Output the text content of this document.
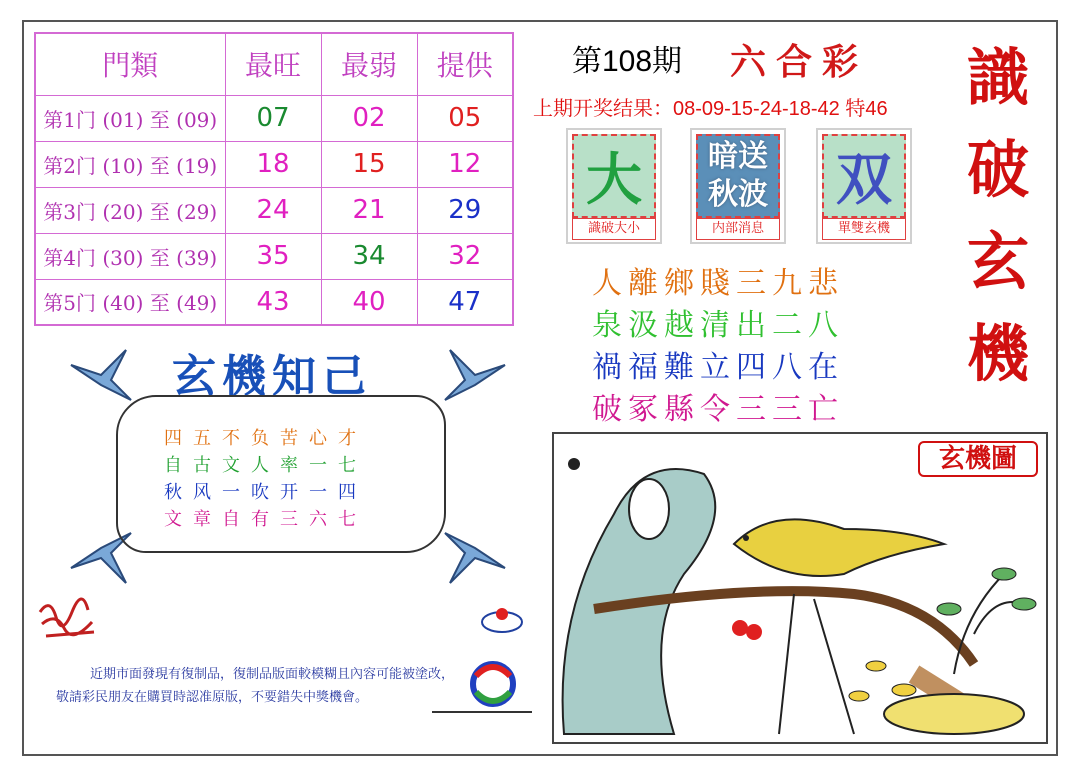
門類	最旺	最弱	提供
第1门 (01) 至 (09)	07	02	05
第2门 (10) 至 (19)	18	15	12
第3门 (20) 至 (29)	24	21	29
第4门 (30) 至 (39)	35	34	32
第5门 (40) 至 (49)	43	40	47
第108期 六合彩
上期开奖结果：08-09-15-24-18-42 特46 識
破
玄
機
大
識破大小
暗送
秋波
内部消息
双
單雙玄機
人離鄉賤三九悲
泉汲越清出二八
禍福難立四八在
破冢縣令三三亡
玄機知己
四五不负苦心才
自古文人率一七
秋风一吹开一四
文章自有三六七

近期市面發現有復制品，復制品版面較模糊且內容可能被塗改，敬請彩民朋友在購買時認准原版，不要錯失中獎機會。

玄機圖
